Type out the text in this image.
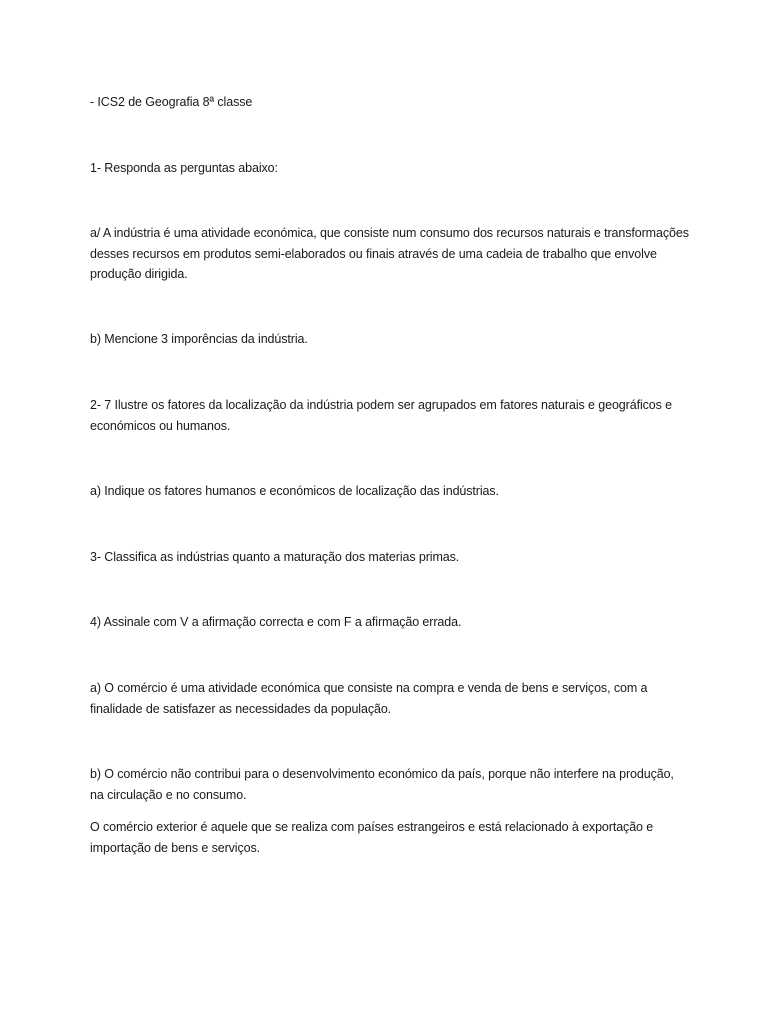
- ICS2 de Geografia 8ª classe

1- Responda as perguntas abaixo:

a/ A indústria é uma atividade económica, que consiste num consumo dos recursos naturais e transformações desses recursos em produtos semi-elaborados ou finais através de uma cadeia de trabalho que envolve produção dirigida.

b) Mencione 3 imporências da indústria.

2- 7 Ilustre os fatores da localização da indústria podem ser agrupados em fatores naturais e geográficos e económicos ou humanos.

a) Indique os fatores humanos e económicos de localização das indústrias.

3- Classifica as indústrias quanto a maturação dos materias primas.

4) Assinale com V a afirmação correcta e com F a afirmação errada.

a) O comércio é uma atividade económica que consiste na compra e venda de bens e serviços, com a finalidade de satisfazer as necessidades da população.

b) O comércio não contribui para o desenvolvimento económico da país, porque não interfere na produção, na circulação e no consumo.

O comércio exterior é aquele que se realiza com países estrangeiros e está relacionado à exportação e importação de bens e serviços.
